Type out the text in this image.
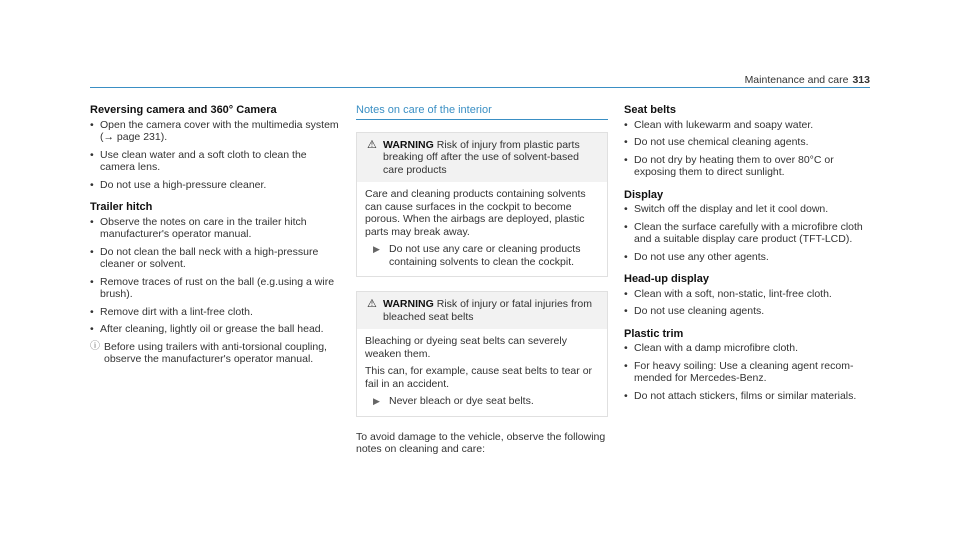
Maintenance and care 313
Reversing camera and 360° Camera
• Open the camera cover with the multimedia system (→ page 231).
• Use clean water and a soft cloth to clean the camera lens.
• Do not use a high-pressure cleaner.
Trailer hitch
• Observe the notes on care in the trailer hitch manufacturer's operator manual.
• Do not clean the ball neck with a high-pressure cleaner or solvent.
• Remove traces of rust on the ball (e.g.using a wire brush).
• Remove dirt with a lint-free cloth.
• After cleaning, lightly oil or grease the ball head.
ⓘ Before using trailers with anti-torsional coupling, observe the manufacturer's operator manual.
Notes on care of the interior
⚠ WARNING Risk of injury from plastic parts breaking off after the use of solvent-based care products

Care and cleaning products containing solvents can cause surfaces in the cockpit to become porous. When the airbags are deployed, plastic parts may break away.

▶ Do not use any care or cleaning products containing solvents to clean the cockpit.
⚠ WARNING Risk of injury or fatal injuries from bleached seat belts

Bleaching or dyeing seat belts can severely weaken them.

This can, for example, cause seat belts to tear or fail in an accident.

▶ Never bleach or dye seat belts.

To avoid damage to the vehicle, observe the following notes on cleaning and care:

Seat belts
• Clean with lukewarm and soapy water.
• Do not use chemical cleaning agents.
• Do not dry by heating them to over 80°C or exposing them to direct sunlight.
Display
• Switch off the display and let it cool down.
• Clean the surface carefully with a microfibre cloth and a suitable display care product (TFT-LCD).
• Do not use any other agents.
Head-up display
• Clean with a soft, non-static, lint-free cloth.
• Do not use cleaning agents.
Plastic trim
• Clean with a damp microfibre cloth.
• For heavy soiling: Use a cleaning agent recommended for Mercedes-Benz.
• Do not attach stickers, films or similar materials.
